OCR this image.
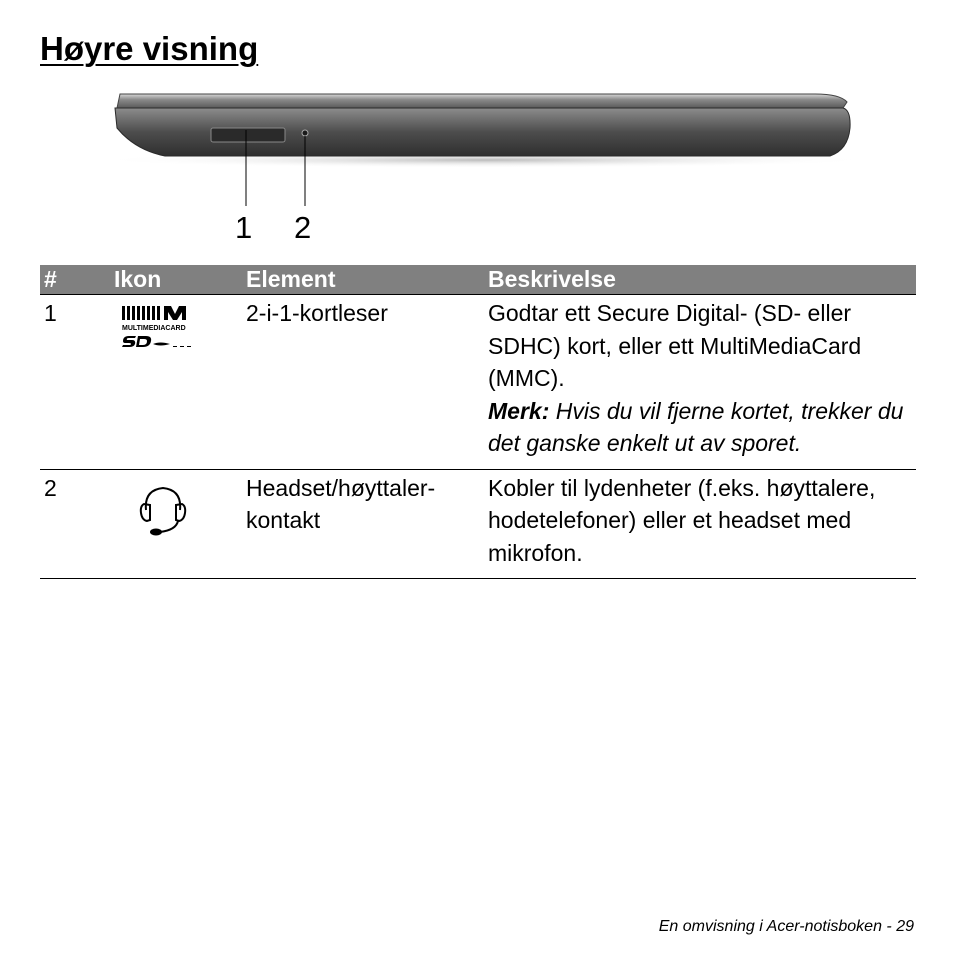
Høyre visning
1 2
#	Ikon	Element	Beskrivelse
1	MULTIMEDIACARD	2-i-1-kortleser	Godtar ett Secure Digital- (SD- eller SDHC) kort, eller ett MultiMediaCard (MMC).
Merk: Hvis du vil fjerne kortet, trekker du det ganske enkelt ut av sporet.
2		Headset/høyttaler-kontakt	Kobler til lydenheter (f.eks. høyttalere, hodetelefoner) eller et headset med mikrofon.
En omvisning i Acer-notisboken - 29
